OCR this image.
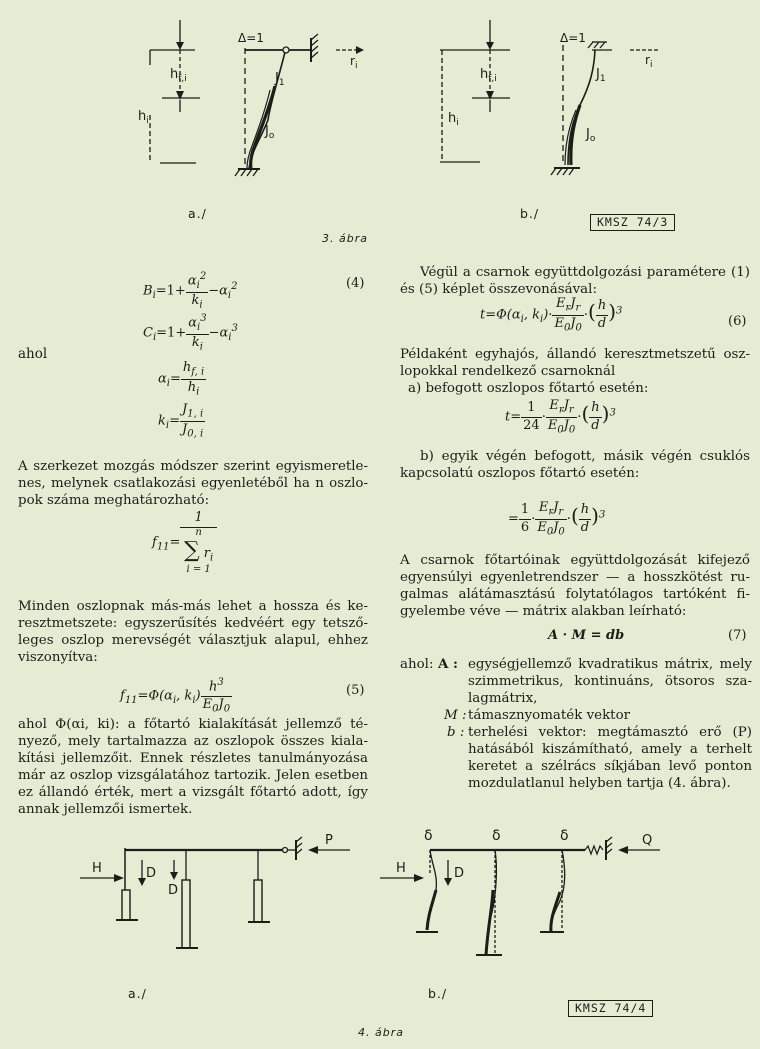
Δ=1
$h_{f,i}$
$h_i$
$J_1$
$J_o$
$r_i$
a./
Δ=1
$h_{f,i}$
$h_i$
$J_1$
$J_o$
$r_i$
b./
3. ábra
KMSZ 74/3
$B_i=1+ \frac{\alpha_i^2}{k_i} -\alpha_i^2$	(4)
$C_i=1+ \frac{\alpha_i^3}{k_i} -\alpha_i^3$
ahol
$\alpha_i= \frac{h_{f, i}}{h_i}$
$k_i= \frac{J_{1, i}}{J_{0, i}}$
A szerkezet mozgás módszer szerint egyismeretlenes, melynek csatlakozási egyenletéből ha n oszlopok száma meghatározható:
$f_{11}= 1$
n
∑ $r_i$
i = 1
Minden oszlopnak más-más lehet a hossza és keresztmetszete: egyszerűsítés kedvéért egy tetszőleges oszlop merevségét választjuk alapul, ehhez viszonyítva:
$f_{11}=\Phi(\alpha_i$, $k_i) \frac{h^3}{E_0J_0}$	(5)
ahol Φ(αi, ki): a főtartó kialakítását jellemző tényező, mely tartalmazza az oszlopok összes kialakítási jellemzőit. Ennek részletes tanulmányozása már az oszlop vizsgálatához tartozik. Jelen esetben ez állandó érték, mert a vizsgált főtartó adott, így annak jellemzői ismertek.
Végül a csarnok együttdolgozási paramétere (1) és (5) képlet összevonásával:
$t=\Phi(\alpha_i$, $k_i)\cdot \frac{E_rJ_r}{E_0J_0}$ ·( $\frac{h}{d} )^3$
(6)
Példaként egyhajós, állandó keresztmetszetű oszlopokkal rendelkező csarnoknál
a) befogott oszlopos főtartó esetén:
$t= \frac{1}{24} \cdot \frac{E_rJ_r}{E_0J_0}$ ·( $\frac{h}{d} )^3$
b) egyik végén befogott, másik végén csuklós kapcsolatú oszlopos főtartó esetén:
= $\frac{1}{6} \cdot \frac{E_rJ_r}{E_0J_0}$ ·( $\frac{h}{d} )^3$
A csarnok főtartóinak együttdolgozását kifejező egyensúlyi egyenletrendszer — a hosszkötést rugalmas alátámasztású folytatólagos tartóként figyelembe véve — mátrix alakban leírható:
A · M = db	(7)
ahol: A : egységjellemző kvadratikus mátrix, mely szimmetrikus, kontinuáns, ötsoros szalagmátrix,
M : támasznyomaték vektor
b : terhelési vektor: megtámasztó erő (P) hatásából kiszámítható, amely a terhelt keretet a szélrács síkjában levő ponton mozdulatlanul helyben tartja (4. ábra).
H	D
D
P
a./
δ	δ	δ
H	D
Q
b./
KMSZ 74/4
4. ábra
